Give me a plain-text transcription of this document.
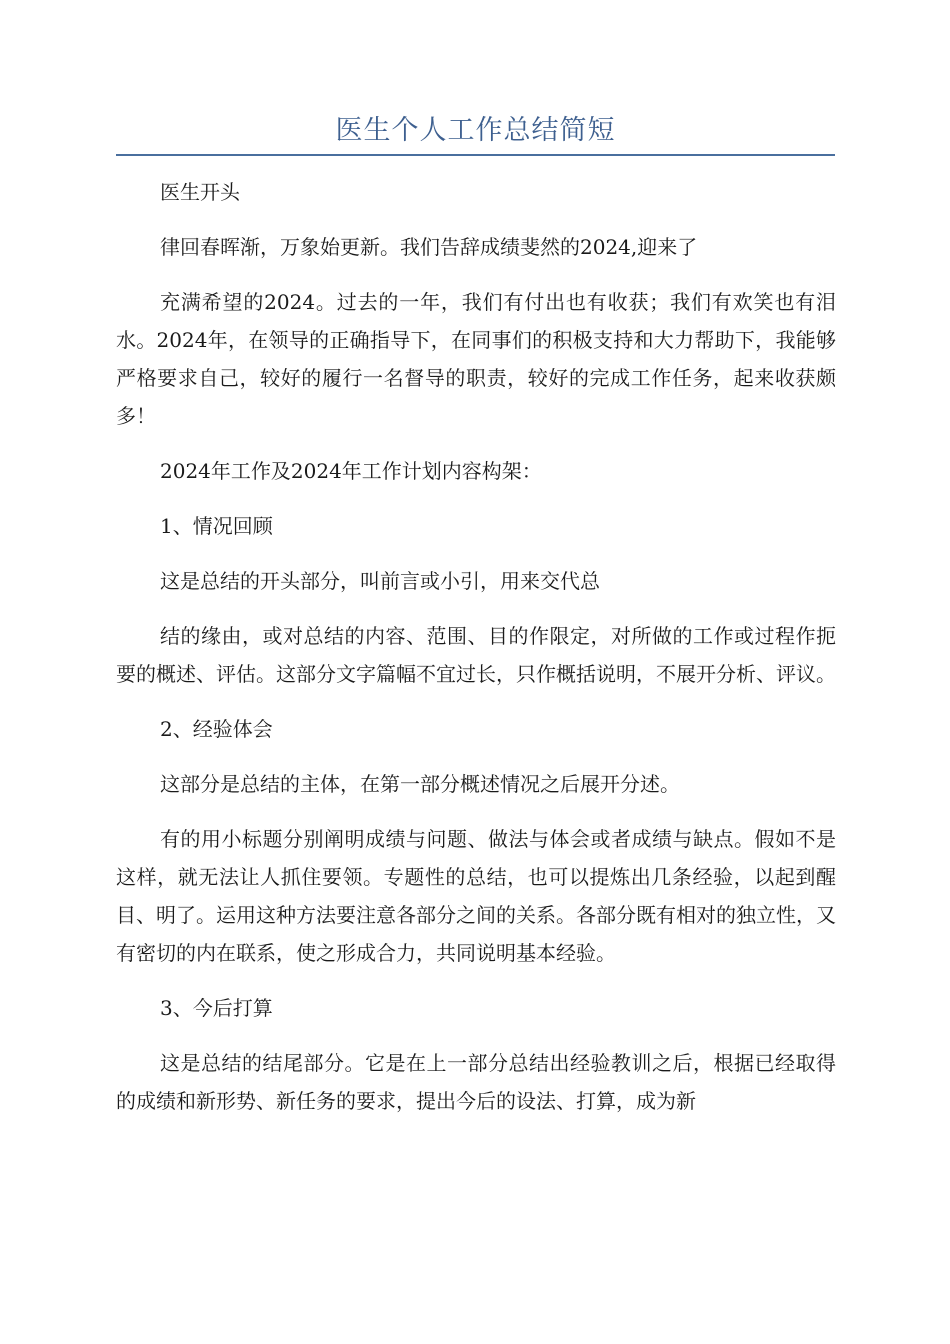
医生个人工作总结简短

医生开头

律回春晖渐，万象始更新。我们告辞成绩斐然的2024,迎来了

充满希望的2024。过去的一年，我们有付出也有收获；我们有欢笑也有泪水。2024年，在领导的正确指导下，在同事们的积极支持和大力帮助下，我能够严格要求自己，较好的履行一名督导的职责，较好的完成工作任务，起来收获颇多！

2024年工作及2024年工作计划内容构架：

1、情况回顾

这是总结的开头部分，叫前言或小引，用来交代总

结的缘由，或对总结的内容、范围、目的作限定，对所做的工作或过程作扼要的概述、评估。这部分文字篇幅不宜过长，只作概括说明，不展开分析、评议。

2、经验体会

这部分是总结的主体，在第一部分概述情况之后展开分述。

有的用小标题分别阐明成绩与问题、做法与体会或者成绩与缺点。假如不是这样，就无法让人抓住要领。专题性的总结，也可以提炼出几条经验，以起到醒目、明了。运用这种方法要注意各部分之间的关系。各部分既有相对的独立性，又有密切的内在联系，使之形成合力，共同说明基本经验。

3、今后打算

这是总结的结尾部分。它是在上一部分总结出经验教训之后，根据已经取得的成绩和新形势、新任务的要求，提出今后的设法、打算，成为新
